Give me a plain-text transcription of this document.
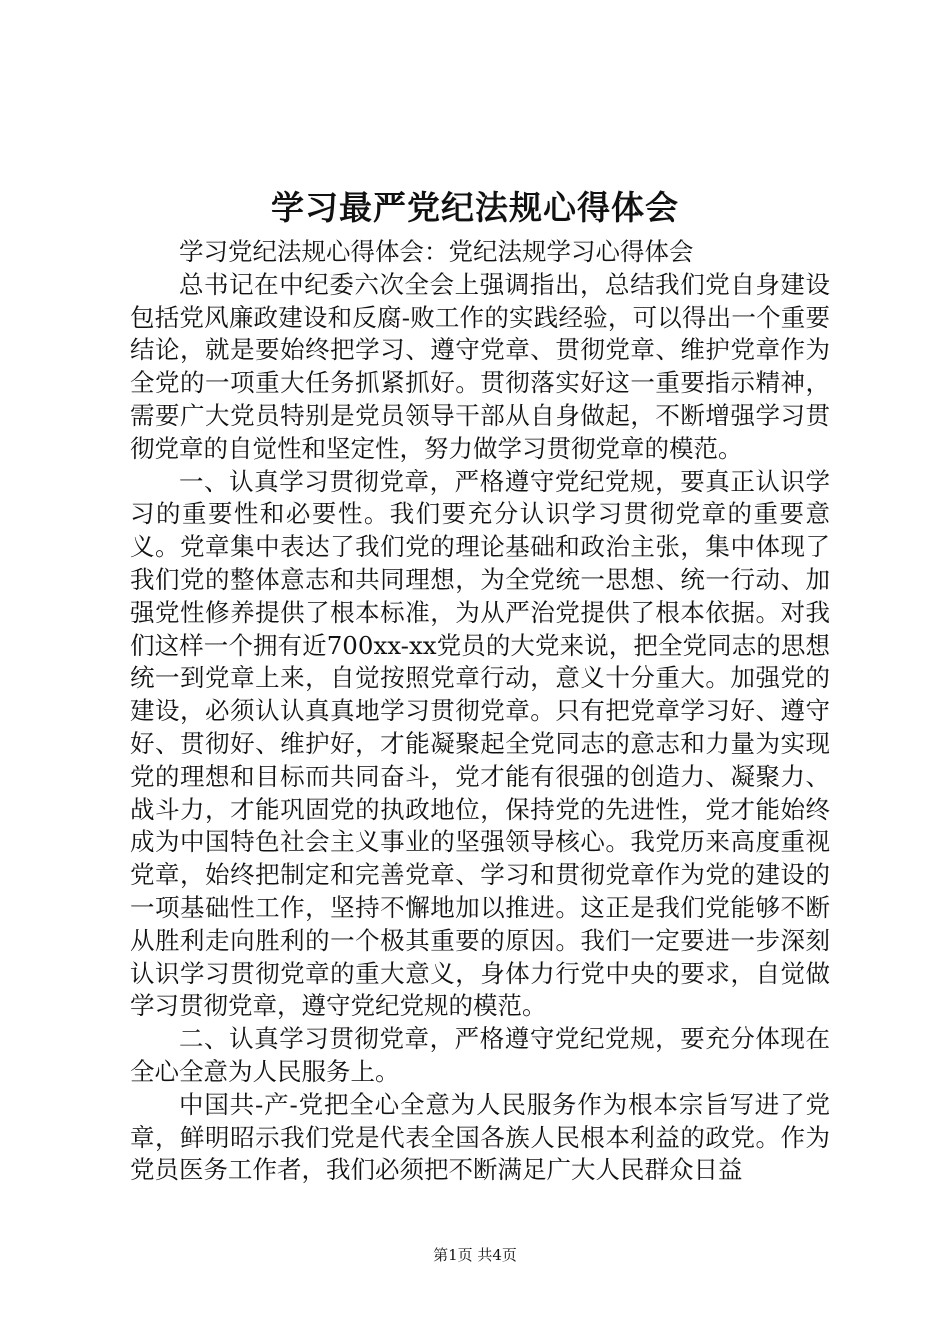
学习最严党纪法规心得体会

学习党纪法规心得体会：党纪法规学习心得体会

总书记在中纪委六次全会上强调指出，总结我们党自身建设包括党风廉政建设和反腐-败工作的实践经验，可以得出一个重要结论，就是要始终把学习、遵守党章、贯彻党章、维护党章作为全党的一项重大任务抓紧抓好。贯彻落实好这一重要指示精神，需要广大党员特别是党员领导干部从自身做起，不断增强学习贯彻党章的自觉性和坚定性，努力做学习贯彻党章的模范。

一、认真学习贯彻党章，严格遵守党纪党规，要真正认识学习的重要性和必要性。我们要充分认识学习贯彻党章的重要意义。党章集中表达了我们党的理论基础和政治主张，集中体现了我们党的整体意志和共同理想，为全党统一思想、统一行动、加强党性修养提供了根本标准，为从严治党提供了根本依据。对我们这样一个拥有近700xx-xx党员的大党来说，把全党同志的思想统一到党章上来，自觉按照党章行动，意义十分重大。加强党的建设，必须认认真真地学习贯彻党章。只有把党章学习好、遵守好、贯彻好、维护好，才能凝聚起全党同志的意志和力量为实现党的理想和目标而共同奋斗，党才能有很强的创造力、凝聚力、战斗力，才能巩固党的执政地位，保持党的先进性，党才能始终成为中国特色社会主义事业的坚强领导核心。我党历来高度重视党章，始终把制定和完善党章、学习和贯彻党章作为党的建设的一项基础性工作，坚持不懈地加以推进。这正是我们党能够不断从胜利走向胜利的一个极其重要的原因。我们一定要进一步深刻认识学习贯彻党章的重大意义，身体力行党中央的要求，自觉做学习贯彻党章，遵守党纪党规的模范。

二、认真学习贯彻党章，严格遵守党纪党规，要充分体现在全心全意为人民服务上。

中国共-产-党把全心全意为人民服务作为根本宗旨写进了党章，鲜明昭示我们党是代表全国各族人民根本利益的政党。作为党员医务工作者，我们必须把不断满足广大人民群众日益

第1页 共4页
